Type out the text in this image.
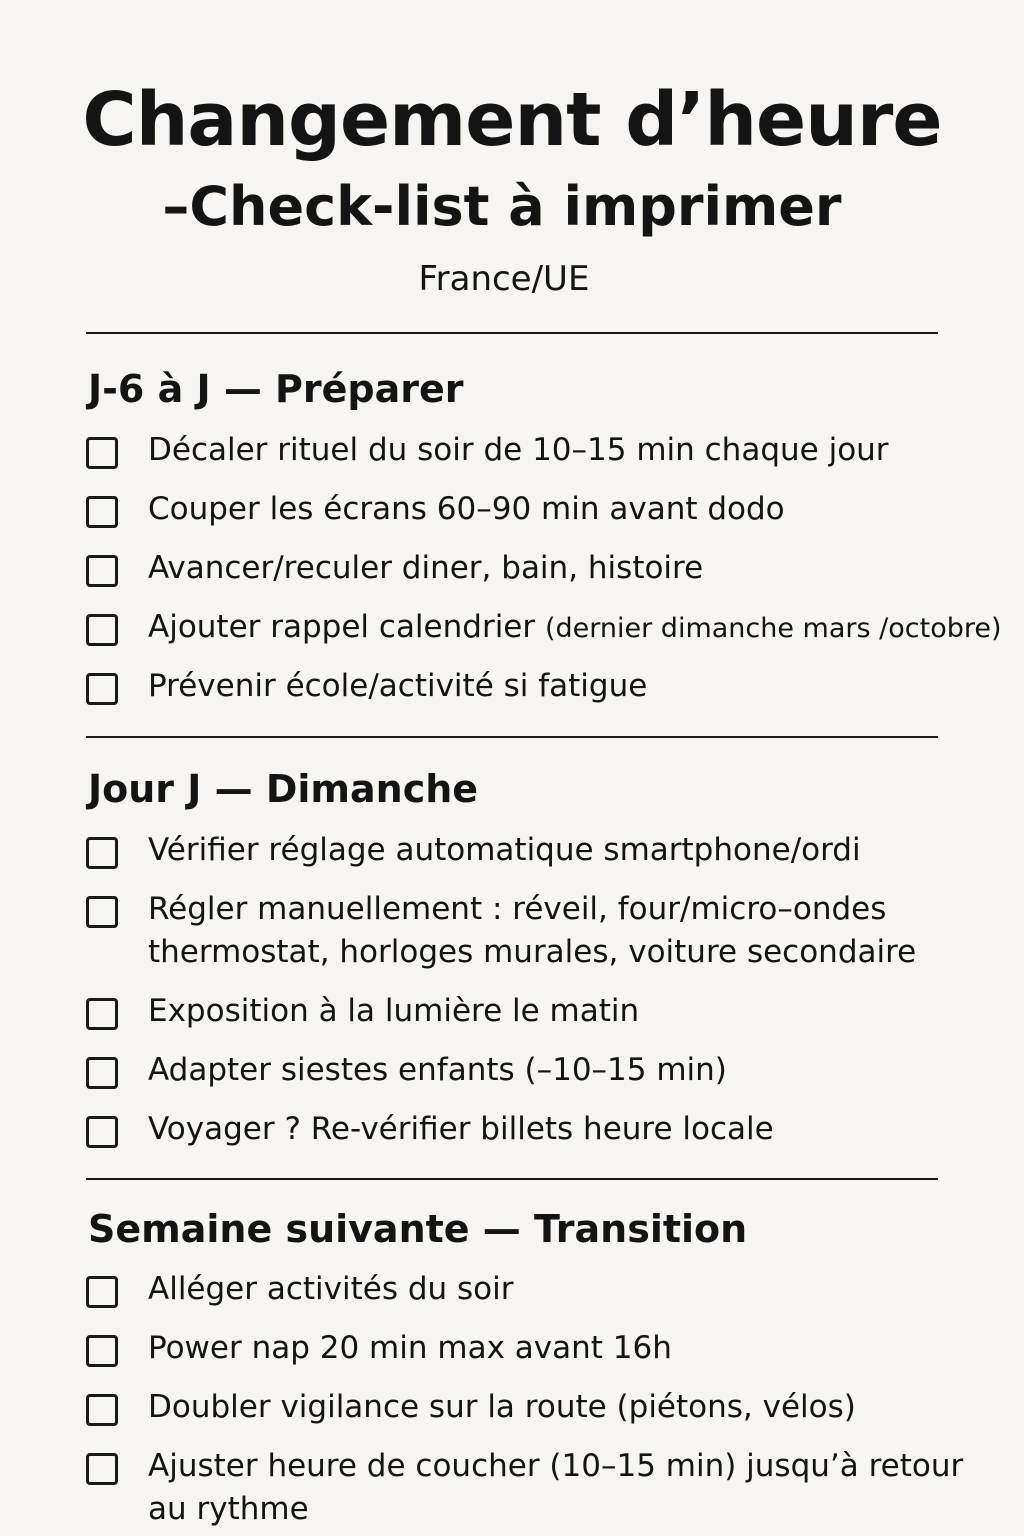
Changement d’heure
–Check-list à imprimer
France/UE
J-6 à J — Préparer
Décaler rituel du soir de 10–15 min chaque jour
Couper les écrans 60–90 min avant dodo
Avancer/reculer diner, bain, histoire
Ajouter rappel calendrier (dernier dimanche mars /octobre)
Prévenir école/activité si fatigue
Jour J — Dimanche
Vérifier réglage automatique smartphone/ordi
Régler manuellement : réveil, four/micro–ondes
thermostat, horloges murales, voiture secondaire
Exposition à la lumière le matin
Adapter siestes enfants (–10–15 min)
Voyager ? Re-vérifier billets heure locale
Semaine suivante — Transition
Alléger activités du soir
Power nap 20 min max avant 16h
Doubler vigilance sur la route (piétons, vélos)
Ajuster heure de coucher (10–15 min) jusqu’à retour
au rythme
